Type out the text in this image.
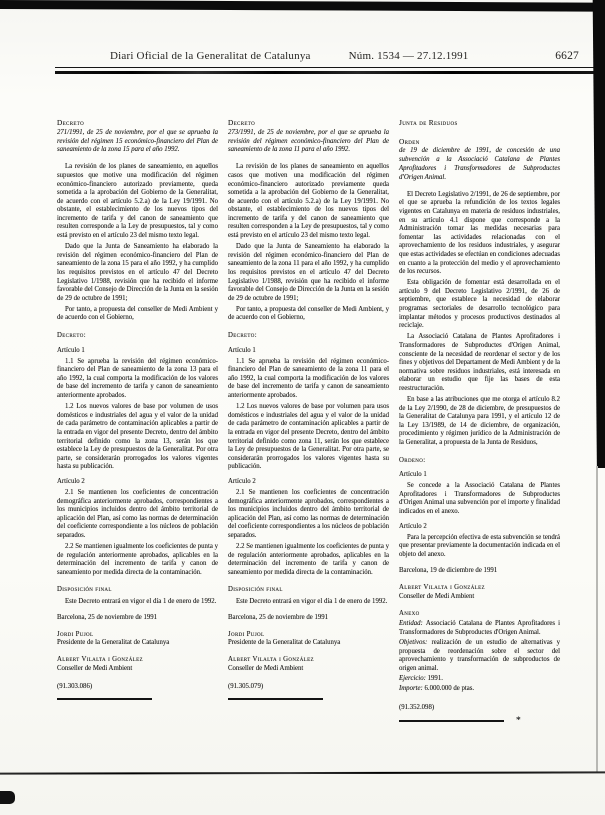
Diari Oficial de la Generalitat de Catalunya	Núm. 1534 — 27.12.1991	6627
Decreto
271/1991, de 25 de noviembre, por el que se aprueba la revisión del régimen 15 económico-financiero del Plan de saneamiento de la zona 15 para el año 1992.
La revisión de los planes de saneamiento, en aquellos supuestos que motive una modificación del régimen económico-financiero autorizado previamente, queda sometida a la aprobación del Gobierno de la Generalitat, de acuerdo con el artículo 5.2.a) de la Ley 19/1991. No obstante, el establecimiento de los nuevos tipos del incremento de tarifa y del canon de saneamiento que resulten corresponde a la Ley de presupuestos, tal y como está previsto en el artículo 23 del mismo texto legal.
Dado que la Junta de Saneamiento ha elaborado la revisión del régimen económico-financiero del Plan de saneamiento de la zona 15 para el año 1992, y ha cumplido los requisitos previstos en el artículo 47 del Decreto Legislativo 1/1988, revisión que ha recibido el informe favorable del Consejo de Dirección de la Junta en la sesión de 29 de octubre de 1991;
Por tanto, a propuesta del conseller de Medi Ambient y de acuerdo con el Gobierno,
Decreto:
Artículo 1
1.1 Se aprueba la revisión del régimen económico-financiero del Plan de saneamiento de la zona 13 para el año 1992, la cual comporta la modificación de los valores de base del incremento de tarifa y canon de saneamiento anteriormente aprobados.
1.2 Los nuevos valores de base por volumen de usos domésticos e industriales del agua y el valor de la unidad de cada parámetro de contaminación aplicables a partir de la entrada en vigor del presente Decreto, dentro del ámbito territorial definido como la zona 13, serán los que establece la Ley de presupuestos de la Generalitat. Por otra parte, se considerarán prorrogados los valores vigentes hasta su publicación.
Artículo 2
2.1 Se mantienen los coeficientes de concentración demográfica anteriormente aprobados, correspondientes a los municipios incluidos dentro del ámbito territorial de aplicación del Plan, así como las normas de determinación del coeficiente correspondiente a los núcleos de población separados.
2.2 Se mantienen igualmente los coeficientes de punta y de regulación anteriormente aprobados, aplicables en la determinación del incremento de tarifa y canon de saneamiento por medida directa de la contaminación.
Disposición final
Este Decreto entrará en vigor el día 1 de enero de 1992.
Barcelona, 25 de noviembre de 1991
Jordi Pujol
Presidente de la Generalitat de Catalunya
Albert Vilalta i González
Conseller de Medi Ambient
(91.303.086)
Decreto
273/1991, de 25 de noviembre, por el que se aprueba la revisión del régimen económico-financiero del Plan de saneamiento de la zona 11 para el año 1992.
La revisión de los planes de saneamiento en aquellos casos que motiven una modificación del régimen económico-financiero autorizado previamente queda sometida a la aprobación del Gobierno de la Generalitat, de acuerdo con el artículo 5.2.a) de la Ley 19/1991. No obstante, el establecimiento de los nuevos tipos del incremento de tarifa y del canon de saneamiento que resulten corresponden a la Ley de presupuestos, tal y como está previsto en el artículo 23 del mismo texto legal.
Dado que la Junta de Saneamiento ha elaborado la revisión del régimen económico-financiero del Plan de saneamiento de la zona 11 para el año 1992, y ha cumplido los requisitos previstos en el artículo 47 del Decreto Legislativo 1/1988, revisión que ha recibido el informe favorable del Consejo de Dirección de la Junta en la sesión de 29 de octubre de 1991;
Por tanto, a propuesta del conseller de Medi Ambient, y de acuerdo con el Gobierno,
Decreto:
Artículo 1
1.1 Se aprueba la revisión del régimen económico-financiero del Plan de saneamiento de la zona 11 para el año 1992, la cual comporta la modificación de los valores de base del incremento de tarifa y canon de saneamiento anteriormente aprobados.
1.2 Los nuevos valores de base por volumen para usos domésticos e industriales del agua y el valor de la unidad de cada parámetro de contaminación aplicables a partir de la entrada en vigor del presente Decreto, dentro del ámbito territorial definido como zona 11, serán los que establece la Ley de presupuestos de la Generalitat. Por otra parte, se considerarán prorrogados los valores vigentes hasta su publicación.
Artículo 2
2.1 Se mantienen los coeficientes de concentración demográfica anteriormente aprobados, correspondientes a los municipios incluidos dentro del ámbito territorial de aplicación del Plan, así como las normas de determinación del coeficiente correspondientes a los núcleos de población separados.
2.2 Se mantienen igualmente los coeficientes de punta y de regulación anteriormente aprobados, aplicables en la determinación del incremento de tarifa y canon de saneamiento por medida directa de la contaminación.
Disposición final
Este Decreto entrará en vigor el día 1 de enero de 1992.
Barcelona, 25 de noviembre de 1991
Jordi Pujol
Presidente de la Generalitat de Catalunya
Albert Vilalta i González
Conseller de Medi Ambient
(91.305.079)
Junta de Residuos
Orden
de 19 de diciembre de 1991, de concesión de una subvención a la Associació Catalana de Plantes Aprofitadores i Transformadores de Subproductes d'Origen Animal.
El Decreto Legislativo 2/1991, de 26 de septiembre, por el que se aprueba la refundición de los textos legales vigentes en Catalunya en materia de residuos industriales, en su artículo 4.1 dispone que corresponde a la Administración tomar las medidas necesarias para fomentar las actividades relacionadas con el aprovechamiento de los residuos industriales, y asegurar que estas actividades se efectúan en condiciones adecuadas en cuanto a la protección del medio y el aprovechamiento de los recursos.
Esta obligación de fomentar está desarrollada en el artículo 9 del Decreto Legislativo 2/1991, de 26 de septiembre, que establece la necesidad de elaborar programas sectoriales de desarrollo tecnológico para implantar métodos y procesos productivos destinados al reciclaje.
La Associació Catalana de Plantes Aprofitadores i Transformadores de Subproductes d'Origen Animal, consciente de la necesidad de reordenar el sector y de los fines y objetivos del Departament de Medi Ambient y de la normativa sobre residuos industriales, está interesada en elaborar un estudio que fije las bases de esta reestructuración.
En base a las atribuciones que me otorga el artículo 8.2 de la Ley 2/1990, de 28 de diciembre, de presupuestos de la Generalitat de Catalunya para 1991, y el artículo 12 de la Ley 13/1989, de 14 de diciembre, de organización, procedimiento y régimen jurídico de la Administración de la Generalitat, a propuesta de la Junta de Residuos,
Ordeno:
Artículo 1
Se concede a la Associació Catalana de Plantes Aprofitadores i Transformadores de Subproductes d'Origen Animal una subvención por el importe y finalidad indicados en el anexo.
Artículo 2
Para la percepción efectiva de esta subvención se tendrá que presentar previamente la documentación indicada en el objeto del anexo.
Barcelona, 19 de diciembre de 1991
Albert Vilalta i González
Conseller de Medi Ambient
Anexo
Entidad: Associació Catalana de Plantes Aprofitadores i Transformadores de Subproductes d'Origen Animal.
Objetivos: realización de un estudio de alternativas y propuesta de reordenación sobre el sector del aprovechamiento y transformación de subproductos de origen animal.
Ejercicio: 1991.
Importe: 6.000.000 de ptas.
(91.352.098)
*
